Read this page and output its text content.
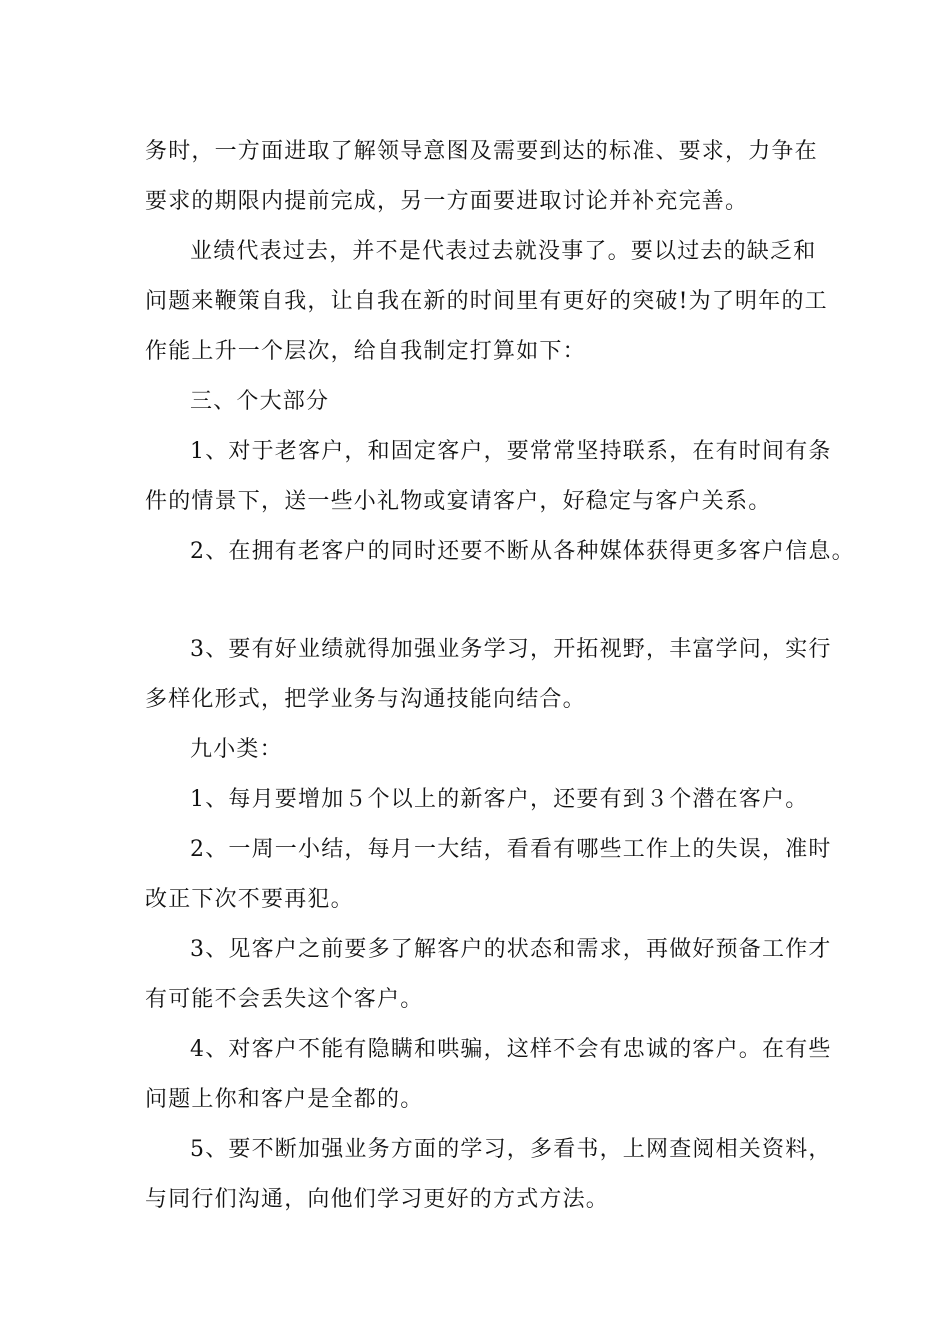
务时，一方面进取了解领导意图及需要到达的标准、要求，力争在
要求的期限内提前完成，另一方面要进取讨论并补充完善。
业绩代表过去，并不是代表过去就没事了。要以过去的缺乏和
问题来鞭策自我，让自我在新的时间里有更好的突破!为了明年的工
作能上升一个层次，给自我制定打算如下：
三、个大部分
1、对于老客户，和固定客户，要常常坚持联系，在有时间有条
件的情景下，送一些小礼物或宴请客户，好稳定与客户关系。
2、在拥有老客户的同时还要不断从各种媒体获得更多客户信息。
3、要有好业绩就得加强业务学习，开拓视野，丰富学问，实行
多样化形式，把学业务与沟通技能向结合。
九小类：
1、每月要增加５个以上的新客户，还要有到３个潜在客户。
2、一周一小结，每月一大结，看看有哪些工作上的失误，准时
改正下次不要再犯。
3、见客户之前要多了解客户的状态和需求，再做好预备工作才
有可能不会丢失这个客户。
4、对客户不能有隐瞒和哄骗，这样不会有忠诚的客户。在有些
问题上你和客户是全都的。
5、要不断加强业务方面的学习，多看书，上网查阅相关资料，
与同行们沟通，向他们学习更好的方式方法。
